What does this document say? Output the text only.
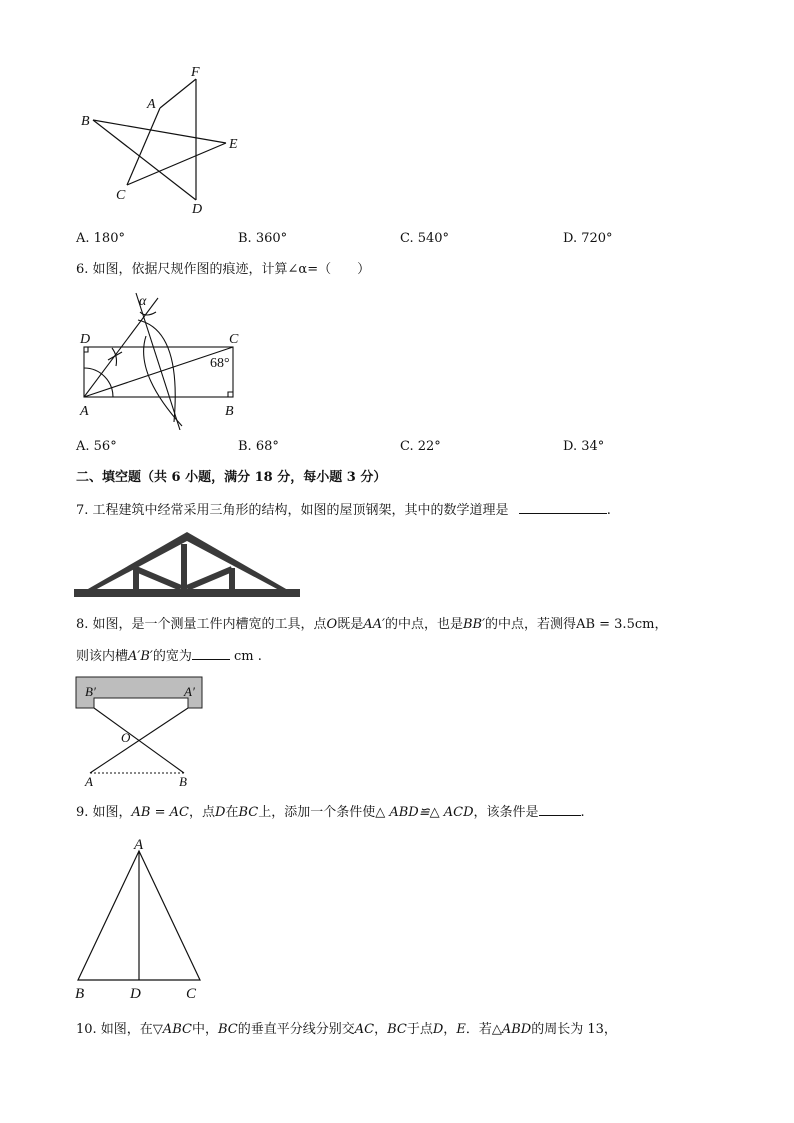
F
A
B
E
C
D
A. 180°	B. 360°	C. 540°	D. 720°
6. 如图，依据尺规作图的痕迹，计算∠α=（　　）
α
68°
D	C
A	B
A. 56°	B. 68°	C. 22°	D. 34°
二、填空题（共 6 小题，满分 18 分，每小题 3 分）
7. 工程建筑中经常采用三角形的结构，如图的屋顶钢架，其中的数学道理是	.
8. 如图，是一个测量工件内槽宽的工具，点O既是AA′的中点，也是BB′的中点，若测得AB = 3.5cm，
则该内槽A′B′的宽为	cm .
B′	A′
O
A	B
9. 如图，AB = AC，点D在BC上，添加一个条件使△ ABD≌△ ACD，该条件是	.
A
B	D	C
10. 如图，在▽ABC中，BC的垂直平分线分别交AC，BC于点D，E．若△ABD的周长为 13，
